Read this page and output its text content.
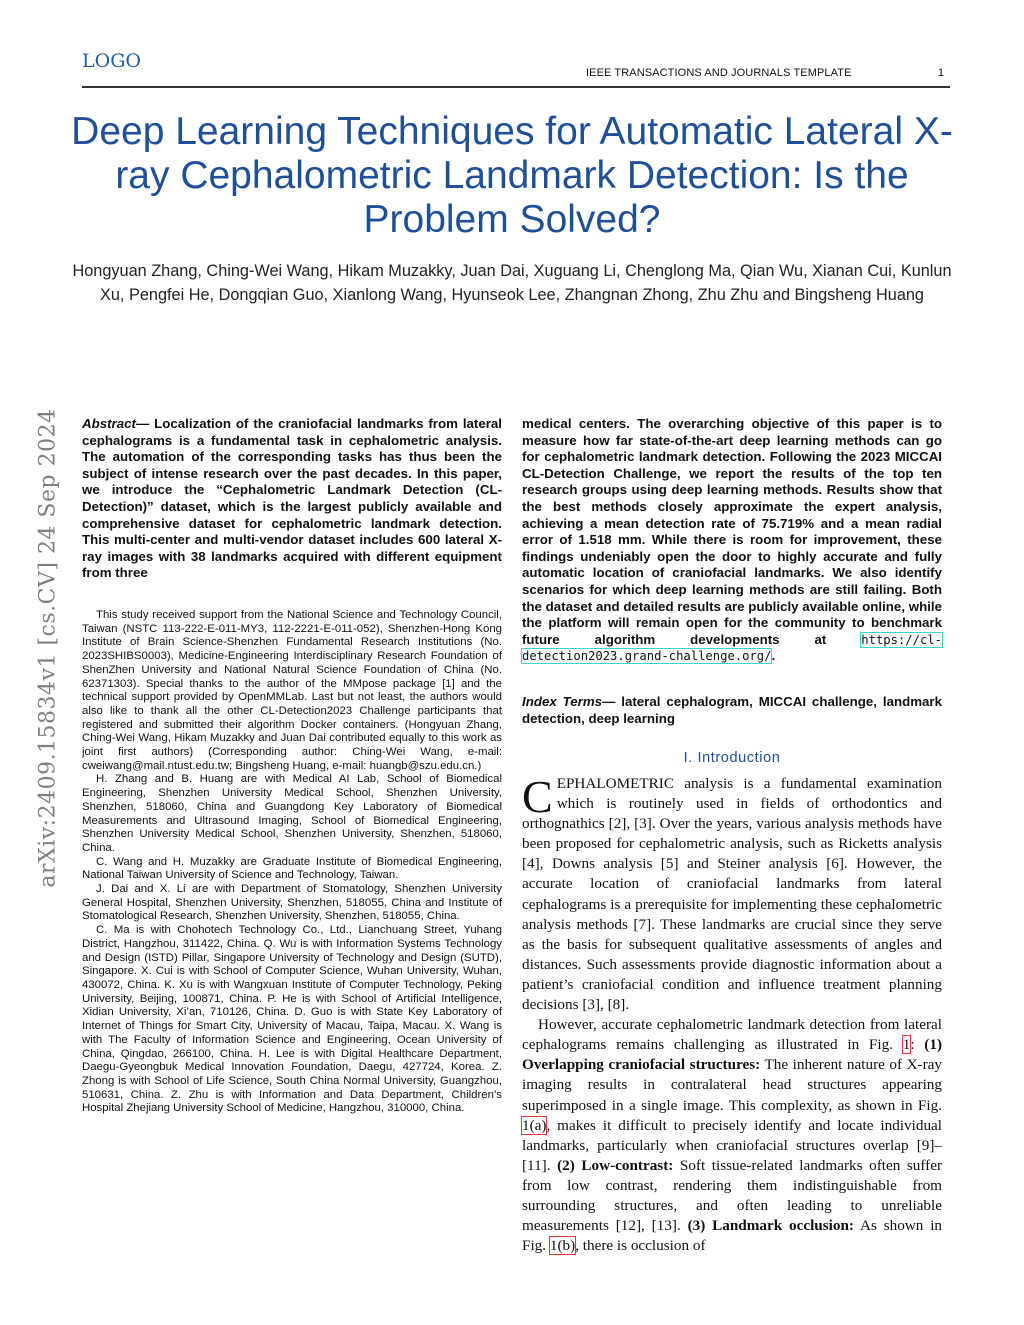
LOGO
IEEE TRANSACTIONS AND JOURNALS TEMPLATE	1
Deep Learning Techniques for Automatic Lateral X-ray Cephalometric Landmark Detection: Is the Problem Solved?
Hongyuan Zhang, Ching-Wei Wang, Hikam Muzakky, Juan Dai, Xuguang Li, Chenglong Ma, Qian Wu, Xianan Cui, Kunlun Xu, Pengfei He, Dongqian Guo, Xianlong Wang, Hyunseok Lee, Zhangnan Zhong, Zhu Zhu and Bingsheng Huang
arXiv:2409.15834v1 [cs.CV] 24 Sep 2024 Abstract— Localization of the craniofacial landmarks from lateral cephalograms is a fundamental task in cephalometric analysis. The automation of the corresponding tasks has thus been the subject of intense research over the past decades. In this paper, we introduce the “Cephalometric Landmark Detection (CL-Detection)” dataset, which is the largest publicly available and comprehensive dataset for cephalometric landmark detection. This multi-center and multi-vendor dataset includes 600 lateral X-ray images with 38 landmarks acquired with different equipment from three

This study received support from the National Science and Technology Council, Taiwan (NSTC 113-222-E-011-MY3, 112-2221-E-011-052), Shenzhen-Hong Kong Institute of Brain Science-Shenzhen Fundamental Research Institutions (No. 2023SHIBS0003), Medicine-Engineering Interdisciplinary Research Foundation of ShenZhen University and National Natural Science Foundation of China (No. 62371303). Special thanks to the author of the MMpose package [1] and the technical support provided by OpenMMLab. Last but not least, the authors would also like to thank all the other CL-Detection2023 Challenge participants that registered and submitted their algorithm Docker containers. (Hongyuan Zhang, Ching-Wei Wang, Hikam Muzakky and Juan Dai contributed equally to this work as joint first authors) (Corresponding author: Ching-Wei Wang, e-mail: cweiwang@mail.ntust.edu.tw; Bingsheng Huang, e-mail: huangb@szu.edu.cn.)

H. Zhang and B. Huang are with Medical AI Lab, School of Biomedical Engineering, Shenzhen University Medical School, Shenzhen University, Shenzhen, 518060, China and Guangdong Key Laboratory of Biomedical Measurements and Ultrasound Imaging, School of Biomedical Engineering, Shenzhen University Medical School, Shenzhen University, Shenzhen, 518060, China.

C. Wang and H. Muzakky are Graduate Institute of Biomedical Engineering, National Taiwan University of Science and Technology, Taiwan.

J. Dai and X. Li are with Department of Stomatology, Shenzhen University General Hospital, Shenzhen University, Shenzhen, 518055, China and Institute of Stomatological Research, Shenzhen University, Shenzhen, 518055, China.

C. Ma is with Chohotech Technology Co., Ltd., Lianchuang Street, Yuhang District, Hangzhou, 311422, China. Q. Wu is with Information Systems Technology and Design (ISTD) Pillar, Singapore University of Technology and Design (SUTD), Singapore. X. Cui is with School of Computer Science, Wuhan University, Wuhan, 430072, China. K. Xu is with Wangxuan Institute of Computer Technology, Peking University, Beijing, 100871, China. P. He is with School of Artificial Intelligence, Xidian University, Xi’an, 710126, China. D. Guo is with State Key Laboratory of Internet of Things for Smart City, University of Macau, Taipa, Macau. X. Wang is with The Faculty of Information Science and Engineering, Ocean University of China, Qingdao, 266100, China. H. Lee is with Digital Healthcare Department, Daegu-Gyeongbuk Medical Innovation Foundation, Daegu, 427724, Korea. Z. Zhong is with School of Life Science, South China Normal University, Guangzhou, 510631, China. Z. Zhu is with Information and Data Department, Children’s Hospital Zhejiang University School of Medicine, Hangzhou, 310000, China.

medical centers. The overarching objective of this paper is to measure how far state-of-the-art deep learning methods can go for cephalometric landmark detection. Following the 2023 MICCAI CL-Detection Challenge, we report the results of the top ten research groups using deep learning methods. Results show that the best methods closely approximate the expert analysis, achieving a mean detection rate of 75.719% and a mean radial error of 1.518 mm. While there is room for improvement, these findings undeniably open the door to highly accurate and fully automatic location of craniofacial landmarks. We also identify scenarios for which deep learning methods are still failing. Both the dataset and detailed results are publicly available online, while the platform will remain open for the community to benchmark future algorithm developments at	https://cl-detection2023.grand-challenge.org/.
Index Terms— lateral cephalogram, MICCAI challenge, landmark detection, deep learning
I. Introduction

CEPHALOMETRIC analysis is a fundamental examination which is routinely used in fields of orthodontics and orthognathics [2], [3]. Over the years, various analysis methods have been proposed for cephalometric analysis, such as Ricketts analysis [4], Downs analysis [5] and Steiner analysis [6]. However, the accurate location of craniofacial landmarks from lateral cephalograms is a prerequisite for implementing these cephalometric analysis methods [7]. These landmarks are crucial since they serve as the basis for subsequent qualitative assessments of angles and distances. Such assessments provide diagnostic information about a patient’s craniofacial condition and influence treatment planning decisions [3], [8].

However, accurate cephalometric landmark detection from lateral cephalograms remains challenging as illustrated in Fig. 1: (1) Overlapping craniofacial structures: The inherent nature of X-ray imaging results in contralateral head structures appearing superimposed in a single image. This complexity, as shown in Fig. 1(a), makes it difficult to precisely identify and locate individual landmarks, particularly when craniofacial structures overlap [9]–[11]. (2) Low-contrast: Soft tissue-related landmarks often suffer from low contrast, rendering them indistinguishable from surrounding structures, and often leading to unreliable measurements [12], [13]. (3) Landmark occlusion: As shown in Fig. 1(b), there is occlusion of
